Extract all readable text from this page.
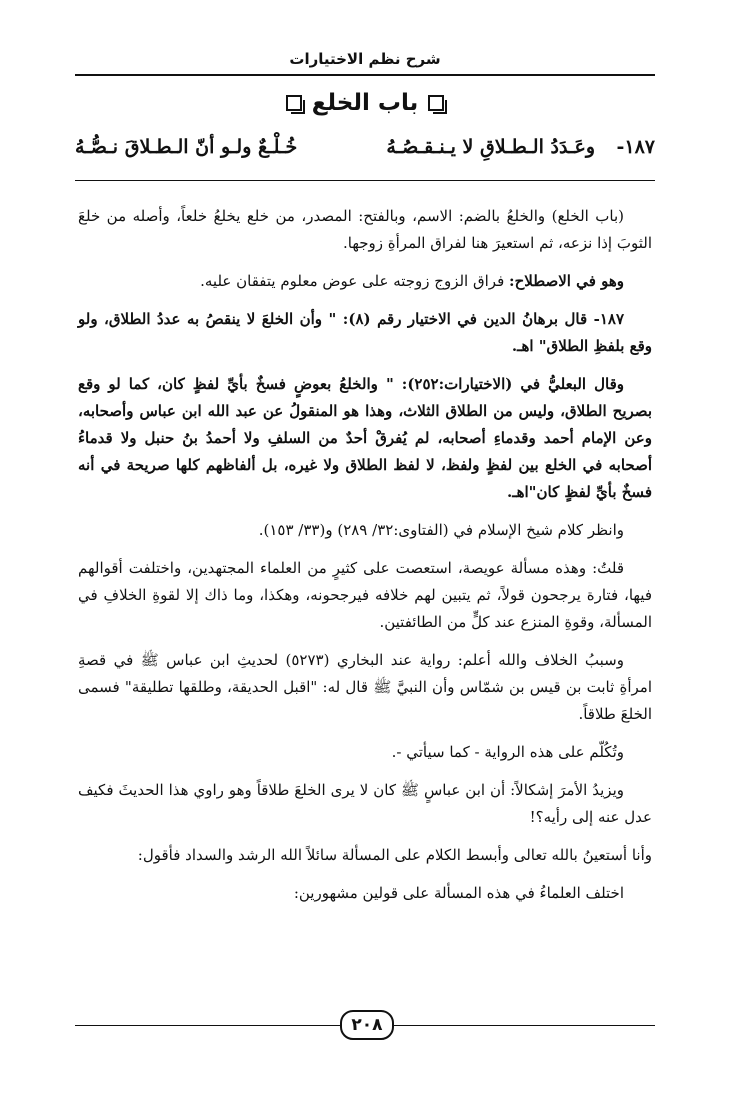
شرح نظم الاختيارات
باب الخلع
١٨٧-
وعَـدَدُ الـطـلاقِ لا يـنـقـصُـهُ
خُـلْـعٌ ولـو أنّ الـطـلاقَ نـصُّـهُ

(باب الخلع) والخلعُ بالضم: الاسم، وبالفتح: المصدر، من خلع يخلعُ خلعاً، وأصله من خلعَ الثوبَ إذا نزعه، ثم استعيرَ هنا لفراق المرأةِ زوجها.

وهو في الاصطلاح: فراق الزوج زوجته على عوض معلوم يتفقان عليه.

١٨٧- قال برهانُ الدين في الاختيار رقم (٨): " وأن الخلعَ لا ينقصُ به عددُ الطلاق، ولو وقع بلفظِ الطلاق" اهـ.

وقال البعليُّ في (الاختيارات:٢٥٢): " والخلعُ بعوضٍ فسخٌ بأيِّ لفظٍ كان، كما لو وقع بصريح الطلاق، وليس من الطلاق الثلاث، وهذا هو المنقولُ عن عبد الله ابن عباس وأصحابه، وعن الإمام أحمد وقدماءِ أصحابه، لم يُفرقْ أحدٌ من السلفِ ولا أحمدُ بنُ حنبل ولا قدماءُ أصحابه في الخلع بين لفظٍ ولفظ، لا لفظ الطلاق ولا غيره، بل ألفاظهم كلها صريحة في أنه فسخٌ بأيِّ لفظٍ كان"اهـ.

وانظر كلام شيخ الإسلام في (الفتاوى:٣٢/ ٢٨٩) و(٣٣/ ١٥٣).

قلتُ: وهذه مسألة عويصة، استعصت على كثيرٍ من العلماء المجتهدين، واختلفت أقوالهم فيها، فتارة يرجحون قولاً، ثم يتبين لهم خلافه فيرجحونه، وهكذا، وما ذاك إلا لقوةِ الخلافِ في المسألة، وقوةِ المنزع عند كلٍّ من الطائفتين.

وسببُ الخلاف والله أعلم: رواية عند البخاري (٥٢٧٣) لحديثِ ابن عباس ﷺ في قصةِ امرأةِ ثابت بن قيس بن شمّاس وأن النبيَّ ﷺ قال له: "اقبل الحديقة، وطلقها تطليقة" فسمى الخلعَ طلاقاً.

وتُكُلّم على هذه الرواية - كما سيأتي -.

ويزيدُ الأمرَ إشكالاً: أن ابن عباسٍ ﷺ كان لا يرى الخلعَ طلاقاً وهو راوي هذا الحديثَ فكيف عدل عنه إلى رأيه؟!

وأنا أستعينُ بالله تعالى وأبسط الكلام على المسألة سائلاً الله الرشد والسداد فأقول:

اختلف العلماءُ في هذه المسألة على قولين مشهورين:

٢٠٨
